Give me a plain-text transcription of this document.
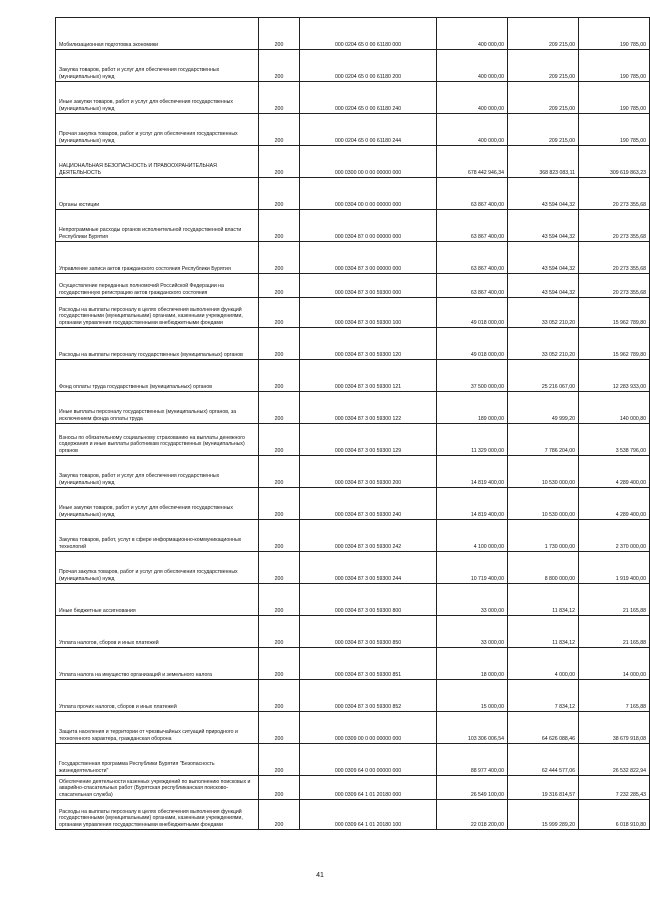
Мобилизационная подготовка экономики	200	000 0204 65 0 00 61180 000	400 000,00	209 215,00	190 785,00
Закупка товаров, работ и услуг для обеспечения государственных (муниципальных) нужд	200	000 0204 65 0 00 61180 200	400 000,00	209 215,00	190 785,00
Иные закупки товаров, работ и услуг для обеспечения государственных (муниципальных) нужд	200	000 0204 65 0 00 61180 240	400 000,00	209 215,00	190 785,00
Прочая закупка товаров, работ и услуг для обеспечения государственных (муниципальных) нужд	200	000 0204 65 0 00 61180 244	400 000,00	209 215,00	190 785,00
НАЦИОНАЛЬНАЯ БЕЗОПАСНОСТЬ И ПРАВООХРАНИТЕЛЬНАЯ ДЕЯТЕЛЬНОСТЬ	200	000 0300 00 0 00 00000 000	678 442 946,34	368 823 083,11	309 619 863,23
Органы юстиции	200	000 0304 00 0 00 00000 000	63 867 400,00	43 594 044,32	20 273 355,68
Непрограммные расходы органов исполнительной государственной власти Республики Бурятия	200	000 0304 87 0 00 00000 000	63 867 400,00	43 594 044,32	20 273 355,68
Управление записи актов гражданского состояния Республики Бурятия	200	000 0304 87 3 00 00000 000	63 867 400,00	43 594 044,32	20 273 355,68
Осуществление переданных полномочий Российской Федерации на государственную регистрацию актов гражданского состояния	200	000 0304 87 3 00 59300 000	63 867 400,00	43 594 044,32	20 273 355,68
Расходы на выплаты персоналу в целях обеспечения выполнения функций государственными (муниципальными) органами, казенными учреждениями, органами управления государственными внебюджетными фондами	200	000 0304 87 3 00 59300 100	49 018 000,00	33 052 210,20	15 962 789,80
Расходы на выплаты персоналу государственных (муниципальных) органов	200	000 0304 87 3 00 59300 120	49 018 000,00	33 052 210,20	15 962 789,80
Фонд оплаты труда государственных (муниципальных) органов	200	000 0304 87 3 00 59300 121	37 500 000,00	25 216 067,00	12 283 933,00
Иные выплаты персоналу государственных (муниципальных) органов, за исключением фонда оплаты труда	200	000 0304 87 3 00 59300 122	189 000,00	49 999,20	140 000,80
Взносы по обязательному социальному страхованию на выплаты денежного содержания и иные выплаты работникам государственных (муниципальных) органов	200	000 0304 87 3 00 59300 129	11 329 000,00	7 786 204,00	3 538 796,00
Закупка товаров, работ и услуг для обеспечения государственных (муниципальных) нужд	200	000 0304 87 3 00 59300 200	14 819 400,00	10 530 000,00	4 289 400,00
Иные закупки товаров, работ и услуг для обеспечения государственных (муниципальных) нужд	200	000 0304 87 3 00 59300 240	14 819 400,00	10 530 000,00	4 289 400,00
Закупка товаров, работ, услуг в сфере информационно-коммуникационных технологий	200	000 0304 87 3 00 59300 242	4 100 000,00	1 730 000,00	2 370 000,00
Прочая закупка товаров, работ и услуг для обеспечения государственных (муниципальных) нужд	200	000 0304 87 3 00 59300 244	10 719 400,00	8 800 000,00	1 919 400,00
Иные бюджетные ассигнования	200	000 0304 87 3 00 59300 800	33 000,00	11 834,12	21 165,88
Уплата налогов, сборов и иных платежей	200	000 0304 87 3 00 59300 850	33 000,00	11 834,12	21 165,88
Уплата налога на имущество организаций и земельного налога	200	000 0304 87 3 00 59300 851	18 000,00	4 000,00	14 000,00
Уплата прочих налогов, сборов и иных платежей	200	000 0304 87 3 00 59300 852	15 000,00	7 834,12	7 165,88
Защита населения и территории от чрезвычайных ситуаций природного и техногенного характера, гражданская оборона	200	000 0309 00 0 00 00000 000	103 306 006,54	64 626 088,46	38 679 918,08
Государственная программа Республики Бурятия "Безопасность жизнедеятельности"	200	000 0309 64 0 00 00000 000	88 977 400,00	62 444 577,06	26 532 822,94
Обеспечение деятельности казенных учреждений по выполнению поисковых и аварийно-спасательных работ (Бурятская республиканская поисково-спасательная служба)	200	000 0309 64 1 01 20180 000	26 549 100,00	19 316 814,57	7 232 285,43
Расходы на выплаты персоналу в целях обеспечения выполнения функций государственными (муниципальными) органами, казенными учреждениями, органами управления государственными внебюджетными фондами	200	000 0309 64 1 01 20180 100	22 018 200,00	15 999 289,20	6 018 910,80
41
